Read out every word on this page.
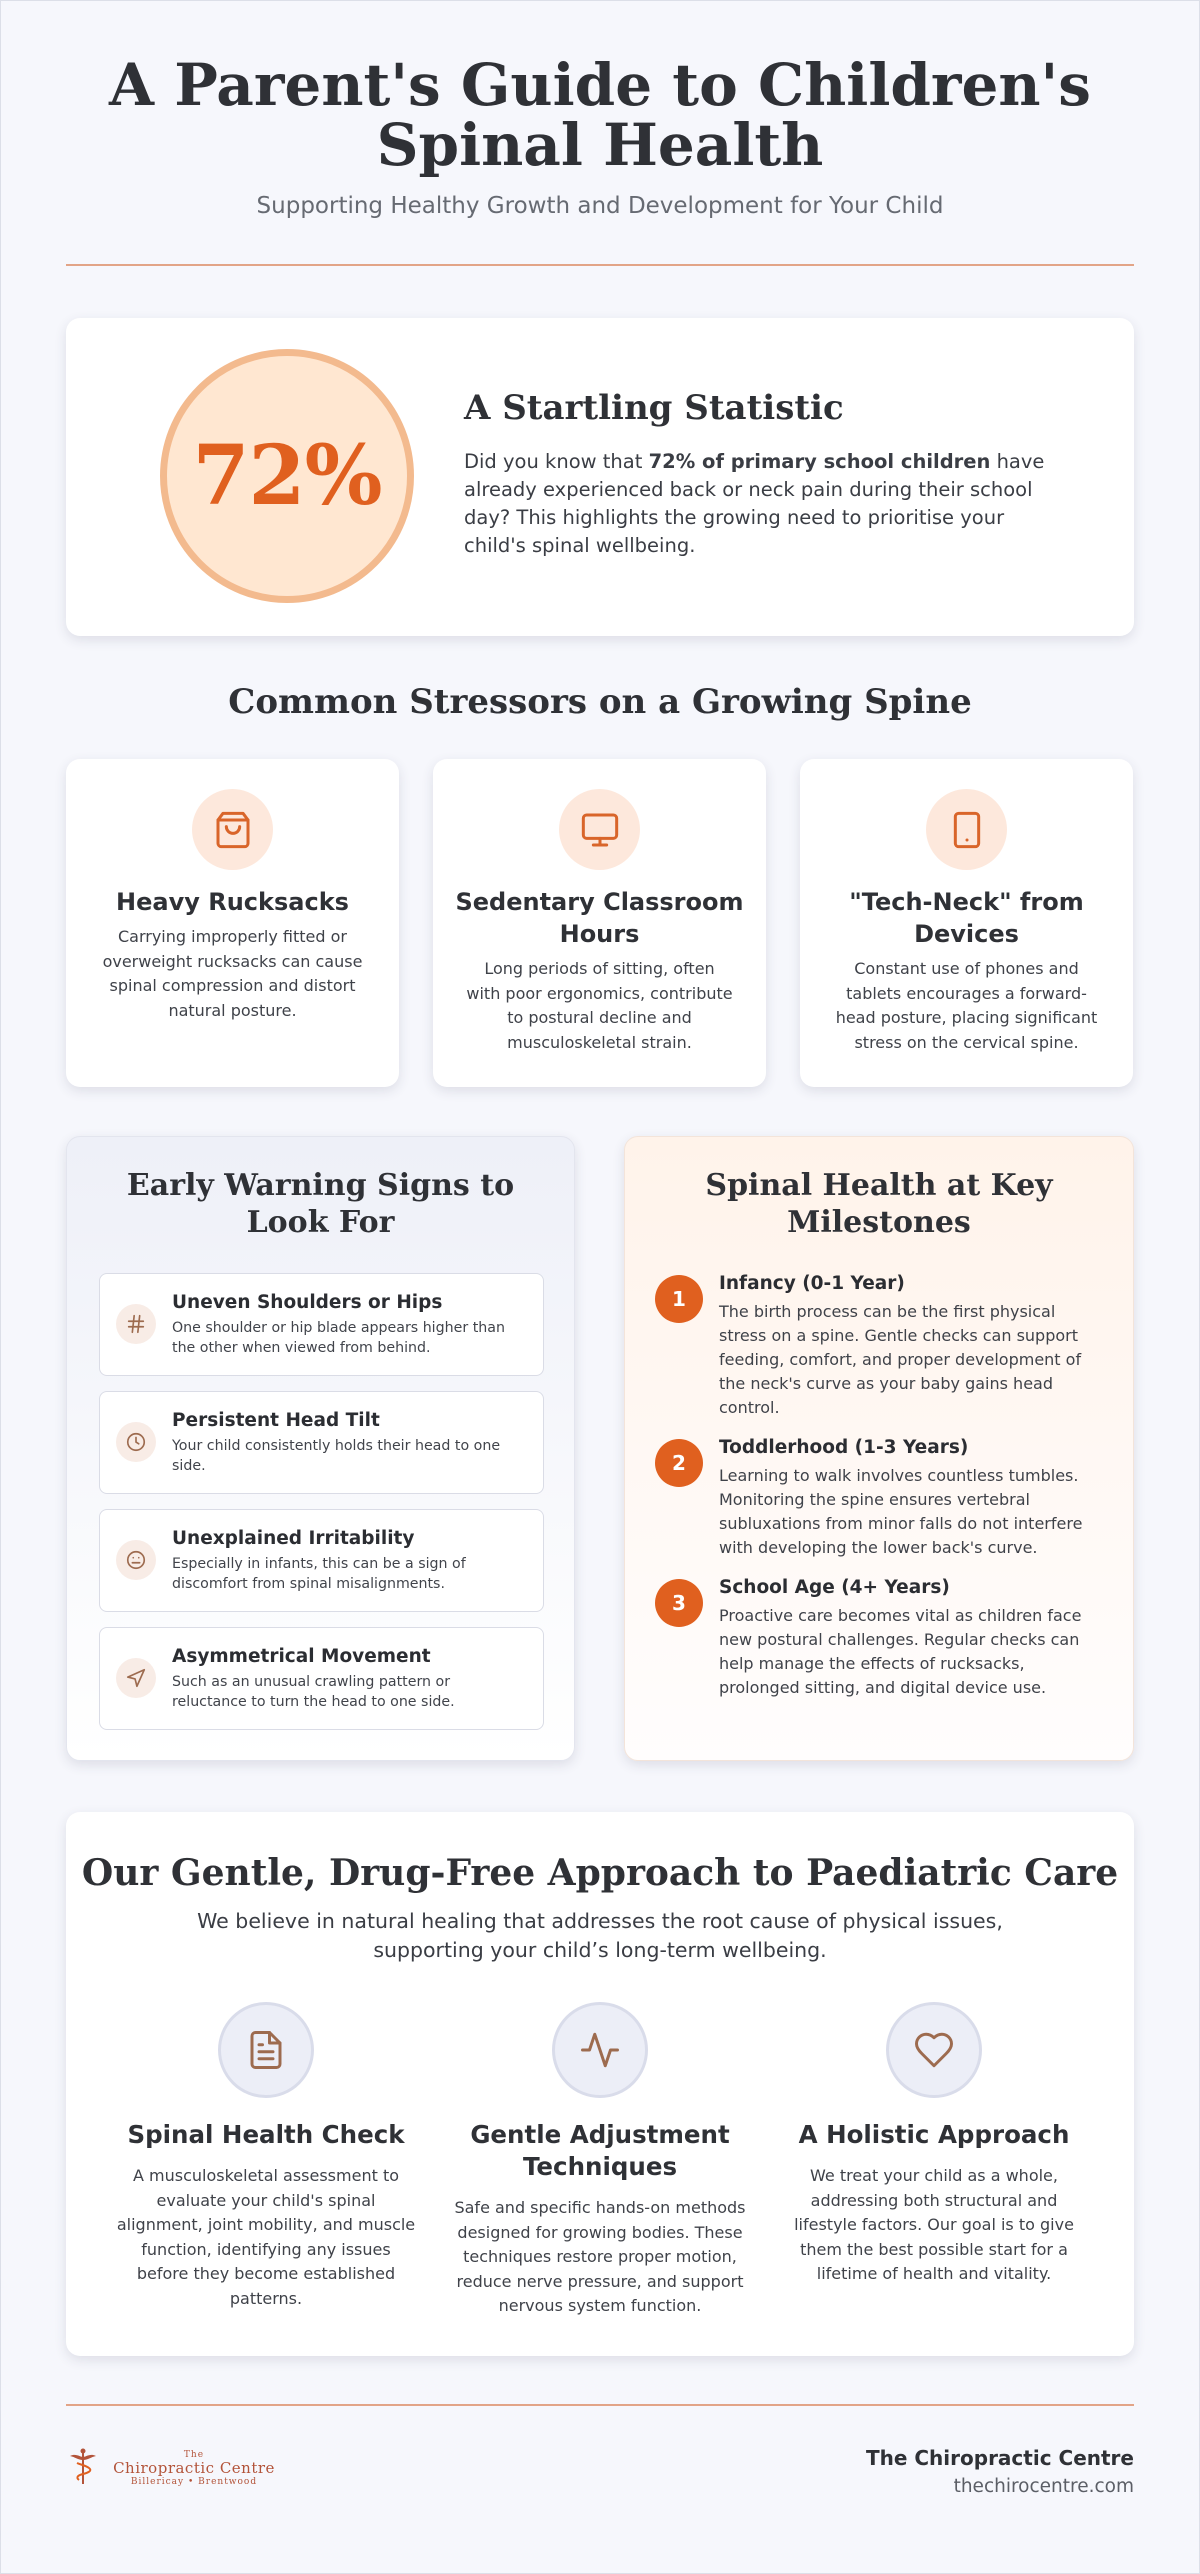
A Parent's Guide to Children's Spinal Health
Supporting Healthy Growth and Development for Your Child
72%
A Startling Statistic

Did you know that 72% of primary school children have already experienced back or neck pain during their school day? This highlights the growing need to prioritise your child's spinal wellbeing.

Common Stressors on a Growing Spine
Heavy Rucksacks
Carrying improperly fitted or overweight rucksacks can cause spinal compression and distort natural posture.
Sedentary Classroom Hours
Long periods of sitting, often with poor ergonomics, contribute to postural decline and musculoskeletal strain.
"Tech-Neck" from Devices
Constant use of phones and tablets encourages a forward-head posture, placing significant stress on the cervical spine.
Early Warning Signs to Look For
Uneven Shoulders or Hips
One shoulder or hip blade appears higher than the other when viewed from behind.
Persistent Head Tilt
Your child consistently holds their head to one side.
Unexplained Irritability
Especially in infants, this can be a sign of discomfort from spinal misalignments.
Asymmetrical Movement
Such as an unusual crawling pattern or reluctance to turn the head to one side.
Spinal Health at Key Milestones
1
Infancy (0-1 Year)
The birth process can be the first physical stress on a spine. Gentle checks can support feeding, comfort, and proper development of the neck's curve as your baby gains head control.
2
Toddlerhood (1-3 Years)
Learning to walk involves countless tumbles. Monitoring the spine ensures vertebral subluxations from minor falls do not interfere with developing the lower back's curve.
3
School Age (4+ Years)
Proactive care becomes vital as children face new postural challenges. Regular checks can help manage the effects of rucksacks, prolonged sitting, and digital device use.
Our Gentle, Drug-Free Approach to Paediatric Care
We believe in natural healing that addresses the root cause of physical issues, supporting your child’s long-term wellbeing.
Spinal Health Check
A musculoskeletal assessment to evaluate your child's spinal alignment, joint mobility, and muscle function, identifying any issues before they become established patterns.
Gentle Adjustment Techniques
Safe and specific hands-on methods designed for growing bodies. These techniques restore proper motion, reduce nerve pressure, and support nervous system function.
A Holistic Approach
We treat your child as a whole, addressing both structural and lifestyle factors. Our goal is to give them the best possible start for a lifetime of health and vitality.
The
Chiropractic Centre
Billericay • Brentwood
The Chiropractic Centre
thechirocentre.com
